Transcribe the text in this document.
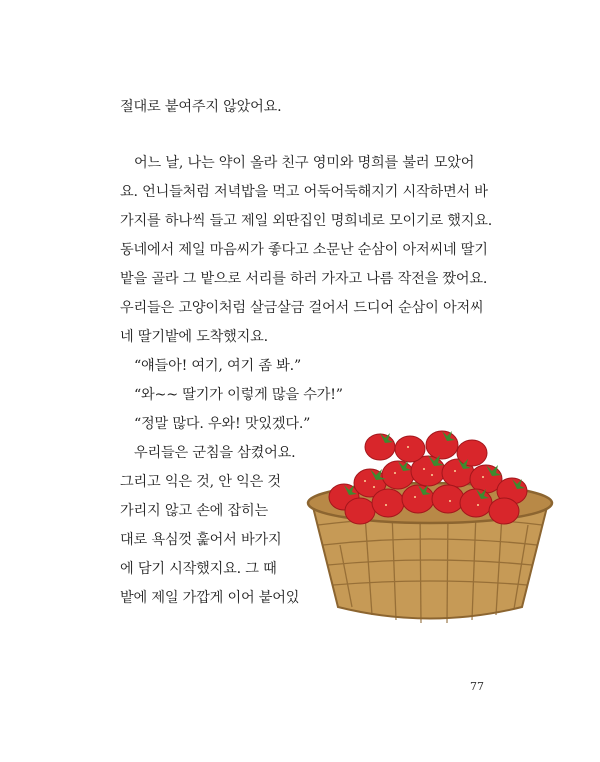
절대로 붙여주지 않았어요.
어느 날, 나는 약이 올라 친구 영미와 명희를 불러 모았어
요. 언니들처럼 저녁밥을 먹고 어둑어둑해지기 시작하면서 바
가지를 하나씩 들고 제일 외딴집인 명희네로 모이기로 했지요.
동네에서 제일 마음씨가 좋다고 소문난 순삼이 아저씨네 딸기
밭을 골라 그 밭으로 서리를 하러 가자고 나름 작전을 짰어요.
우리들은 고양이처럼 살금살금 걸어서 드디어 순삼이 아저씨
네 딸기밭에 도착했지요.
“얘들아! 여기, 여기 좀 봐.”
“와~~ 딸기가 이렇게 많을 수가!”
“정말 많다. 우와! 맛있겠다.”
우리들은 군침을 삼켰어요.
그리고 익은 것, 안 익은 것
가리지 않고 손에 잡히는
대로 욕심껏 훑어서 바가지
에 담기 시작했지요. 그 때
밭에 제일 가깝게 이어 붙어있
77
